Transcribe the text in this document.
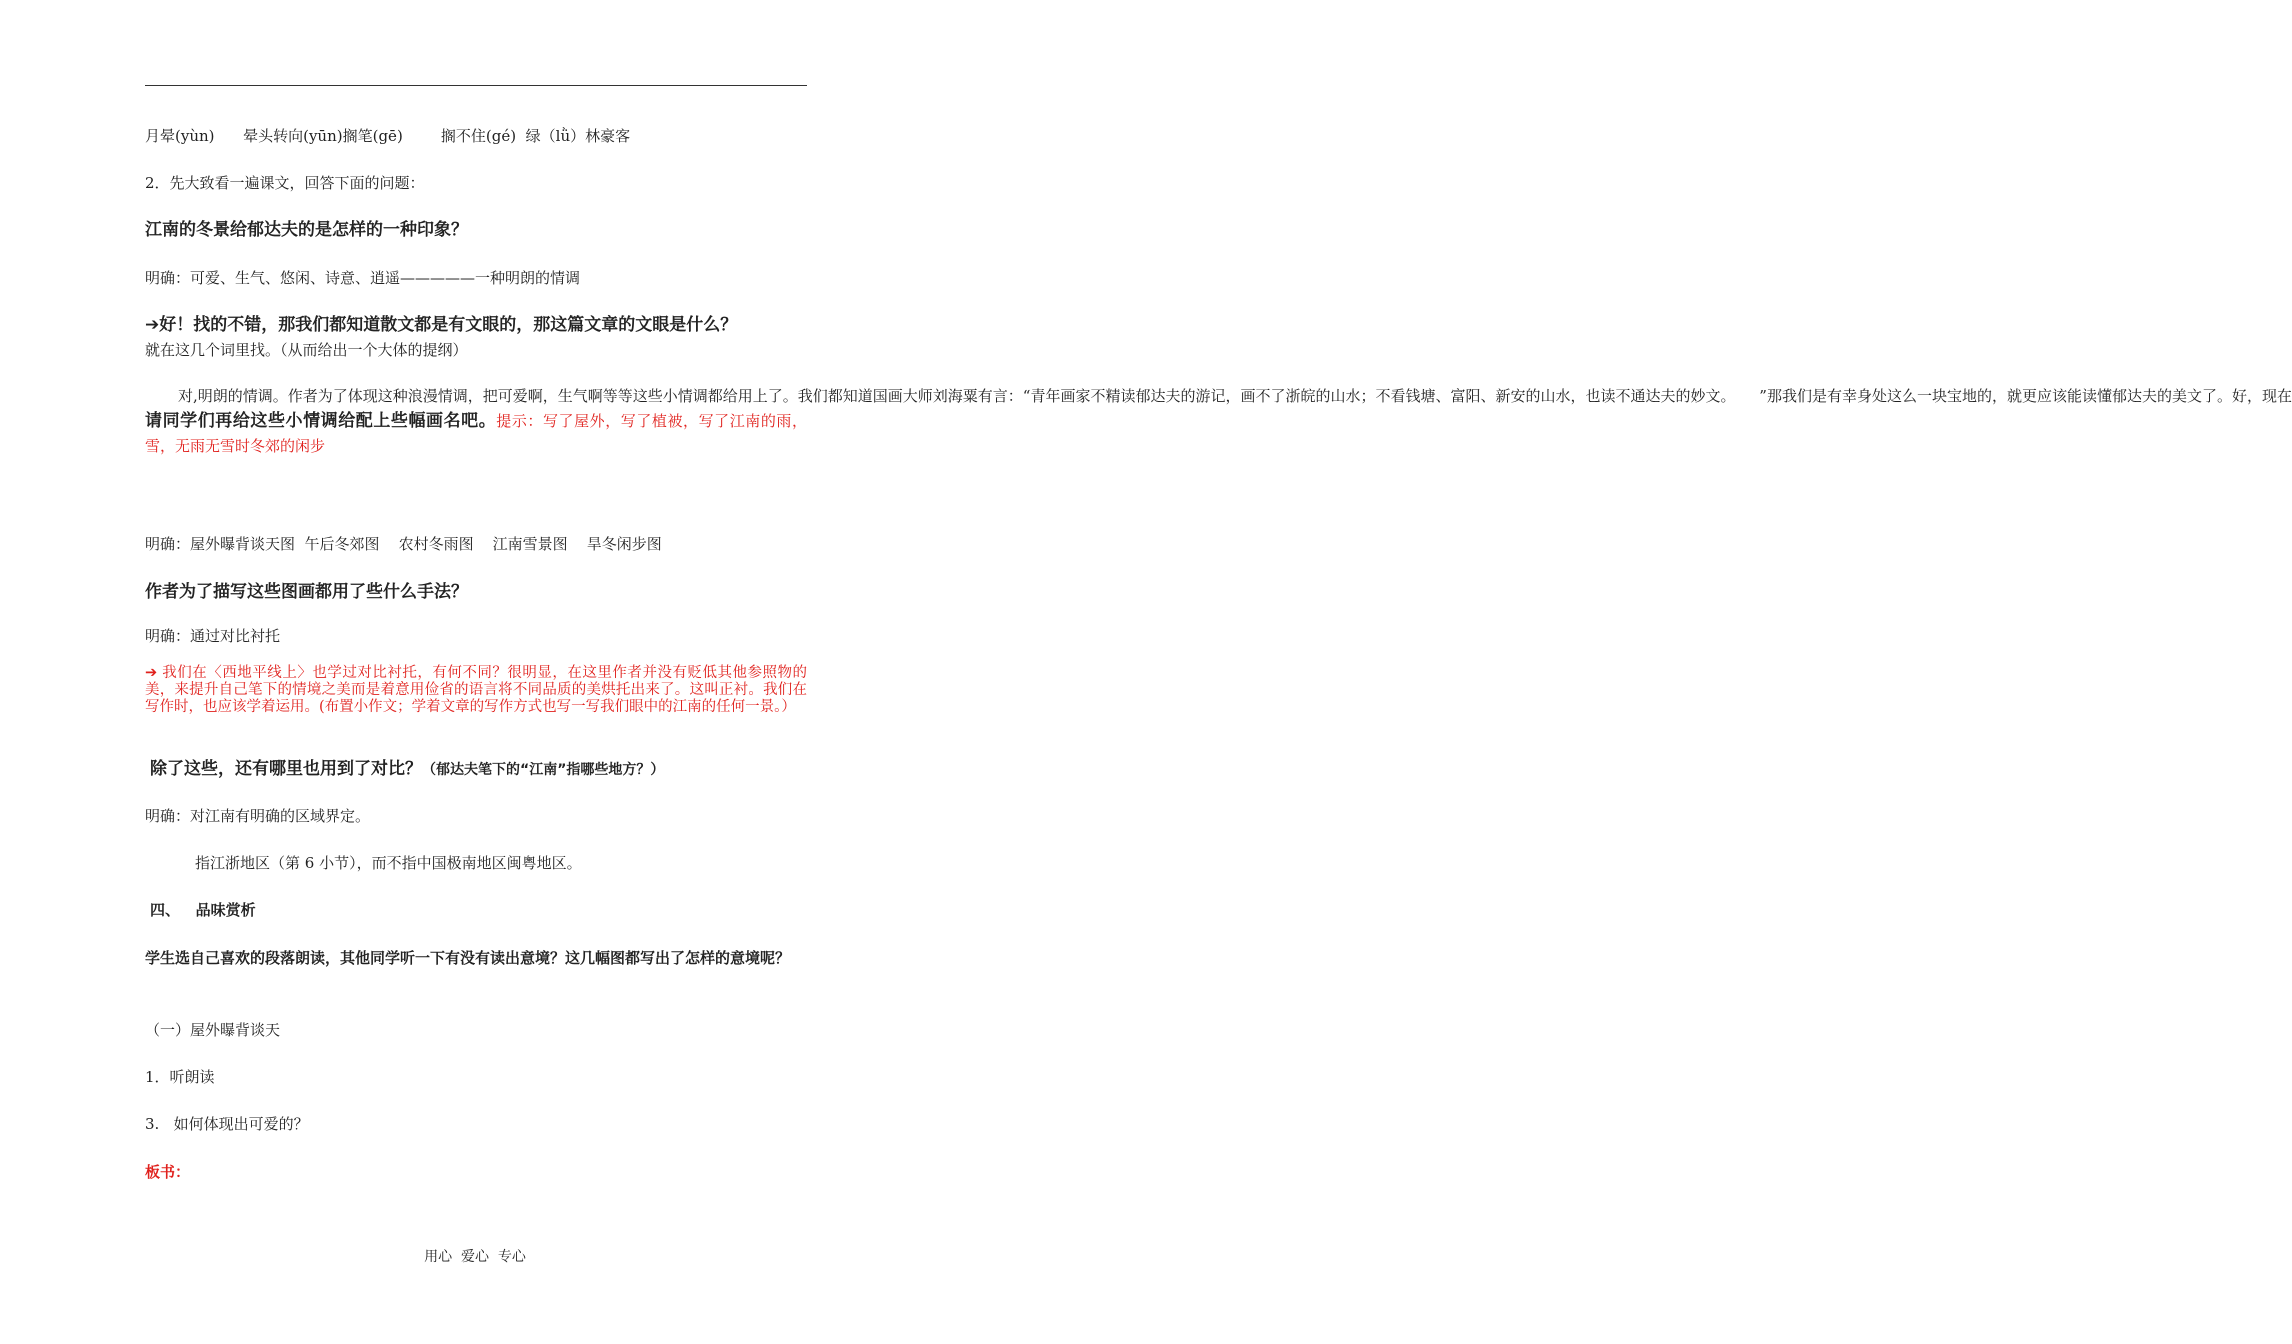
月晕(yùn)      晕头转向(yūn)搁笔(gē)        搁不住(gé)  绿（lǜ）林豪客
2．先大致看一遍课文，回答下面的问题：
江南的冬景给郁达夫的是怎样的一种印象？
明确：可爱、生气、悠闲、诗意、逍遥—————一种明朗的情调
➔好！找的不错，那我们都知道散文都是有文眼的，那这篇文章的文眼是什么？
就在这几个词里找。（从而给出一个大体的提纲）
对,明朗的情调。作者为了体现这种浪漫情调，把可爱啊，生气啊等等这些小情调都给用上了。我们都知道国画大师刘海粟有言：“青年画家不精读郁达夫的游记，画不了浙皖的山水；不看钱塘、富阳、新安的山水，也读不通达夫的妙文。     ”那我们是有幸身处这么一块宝地的，就更应该能读懂郁达夫的美文了。好，现在请同学们再给这些小情调给配上些幅画名吧。提示：写了屋外，写了植被，写了江南的雨，雪，无雨无雪时冬郊的闲步
明确：屋外曝背谈天图  午后冬郊图    农村冬雨图    江南雪景图    旱冬闲步图
作者为了描写这些图画都用了些什么手法？
明确：通过对比衬托
➔ 我们在〈西地平线上〉也学过对比衬托，有何不同？很明显，在这里作者并没有贬低其他参照物的美，来提升自己笔下的情境之美而是着意用俭省的语言将不同品质的美烘托出来了。这叫正衬。我们在写作时，也应该学着运用。(布置小作文；学着文章的写作方式也写一写我们眼中的江南的任何一景。）
除了这些，还有哪里也用到了对比？（郁达夫笔下的“江南”指哪些地方？）
明确：对江南有明确的区域界定。
指江浙地区（第 6 小节），而不指中国极南地区闽粤地区。
四、   品味赏析
学生选自己喜欢的段落朗读，其他同学听一下有没有读出意境？这几幅图都写出了怎样的意境呢？
（一）屋外曝背谈天
1．听朗读
3.   如何体现出可爱的？
板书：
用心  爱心  专心
